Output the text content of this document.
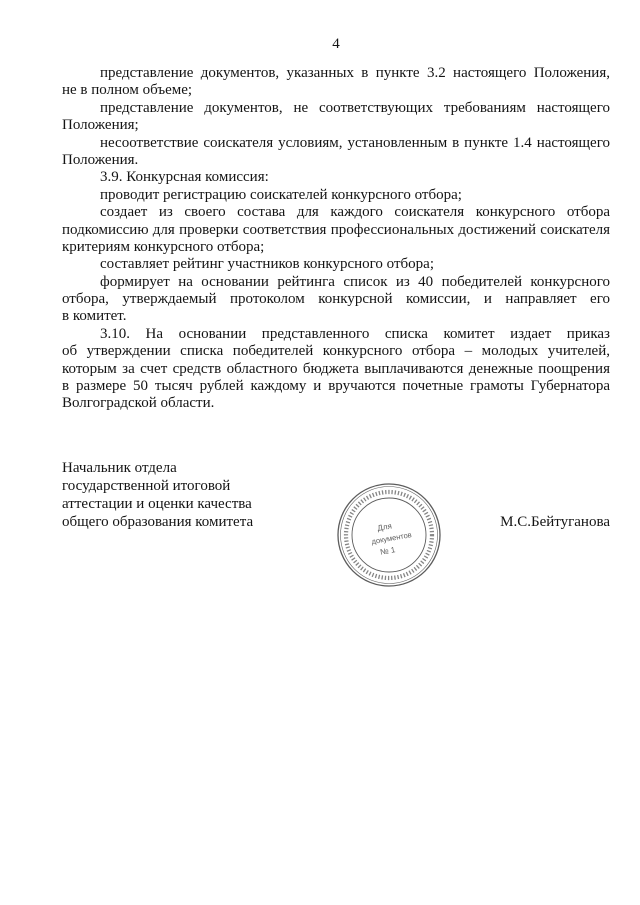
4
представление документов, указанных в пункте 3.2 настоящего Положения,
не в полном объеме;
представление документов, не соответствующих требованиям настоящего
Положения;
несоответствие соискателя условиям, установленным в пункте 1.4 настоящего
Положения.
3.9. Конкурсная комиссия:
проводит регистрацию соискателей конкурсного отбора;
создает из своего состава для каждого соискателя конкурсного отбора
подкомиссию для проверки соответствия профессиональных достижений соискателя
критериям конкурсного отбора;
составляет рейтинг участников конкурсного отбора;
формирует на основании рейтинга список из 40 победителей конкурсного
отбора, утверждаемый протоколом конкурсной комиссии, и направляет его
в комитет.
3.10. На основании представленного списка комитет издает приказ
об утверждении списка победителей конкурсного отбора – молодых учителей,
которым за счет средств областного бюджета выплачиваются денежные поощрения
в размере 50 тысяч рублей каждому и вручаются почетные грамоты Губернатора
Волгоградской области.
Начальник отдела
государственной итоговой
аттестации и оценки качества
общего образования комитета	Для
документов
№ 1
М.С.Бейтуганова
